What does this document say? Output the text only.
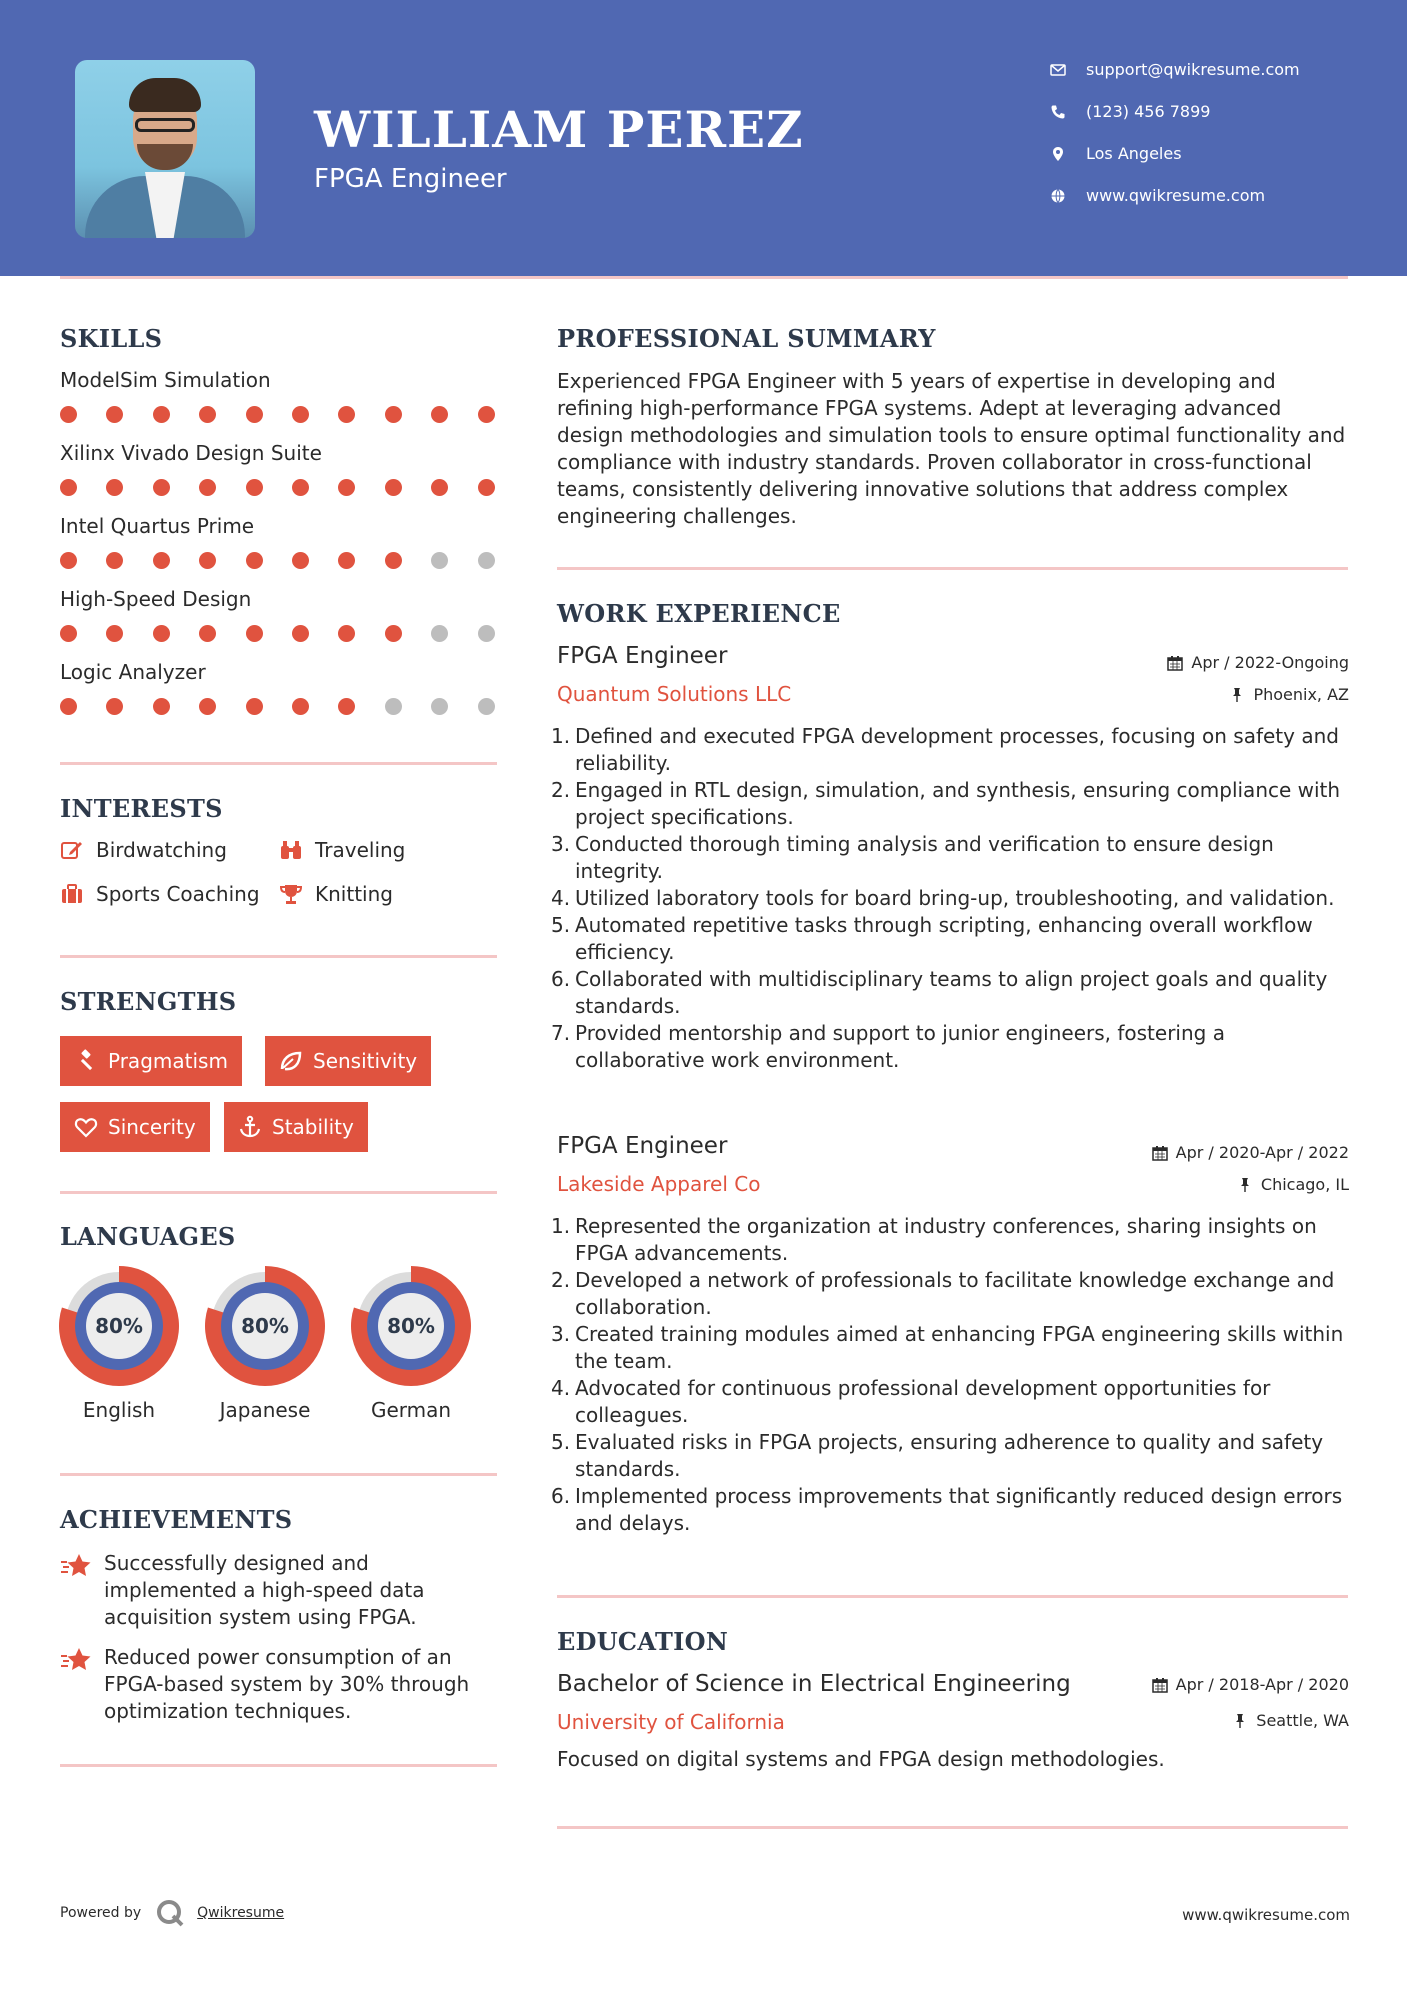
WILLIAM PEREZ
FPGA Engineer
support@qwikresume.com
(123) 456 7899
Los Angeles
www.qwikresume.com
SKILLS
ModelSim Simulation
Xilinx Vivado Design Suite
Intel Quartus Prime
High-Speed Design
Logic Analyzer
INTERESTS
Birdwatching	Traveling
Sports Coaching	Knitting
STRENGTHS
Pragmatism	Sensitivity
Sincerity	Stability
LANGUAGES
80%
English
80%
Japanese
80%
German
ACHIEVEMENTS
Successfully designed and implemented a high-speed data acquisition system using FPGA.
Reduced power consumption of an FPGA-based system by 30% through optimization techniques.
PROFESSIONAL SUMMARY
Experienced FPGA Engineer with 5 years of expertise in developing and refining high-performance FPGA systems. Adept at leveraging advanced design methodologies and simulation tools to ensure optimal functionality and compliance with industry standards. Proven collaborator in cross-functional teams, consistently delivering innovative solutions that address complex engineering challenges.
WORK EXPERIENCE
FPGA Engineer	Apr / 2022-Ongoing
Quantum Solutions LLC	Phoenix, AZ
1. Defined and executed FPGA development processes, focusing on safety and reliability.
2. Engaged in RTL design, simulation, and synthesis, ensuring compliance with project specifications.
3. Conducted thorough timing analysis and verification to ensure design integrity.
4. Utilized laboratory tools for board bring-up, troubleshooting, and validation.
5. Automated repetitive tasks through scripting, enhancing overall workflow efficiency.
6. Collaborated with multidisciplinary teams to align project goals and quality standards.
7. Provided mentorship and support to junior engineers, fostering a collaborative work environment.
FPGA Engineer	Apr / 2020-Apr / 2022
Lakeside Apparel Co	Chicago, IL
1. Represented the organization at industry conferences, sharing insights on FPGA advancements.
2. Developed a network of professionals to facilitate knowledge exchange and collaboration.
3. Created training modules aimed at enhancing FPGA engineering skills within the team.
4. Advocated for continuous professional development opportunities for colleagues.
5. Evaluated risks in FPGA projects, ensuring adherence to quality and safety standards.
6. Implemented process improvements that significantly reduced design errors and delays.
EDUCATION
Bachelor of Science in Electrical Engineering	Apr / 2018-Apr / 2020
University of California	Seattle, WA
Focused on digital systems and FPGA design methodologies.
Powered by	Qwikresume	www.qwikresume.com
